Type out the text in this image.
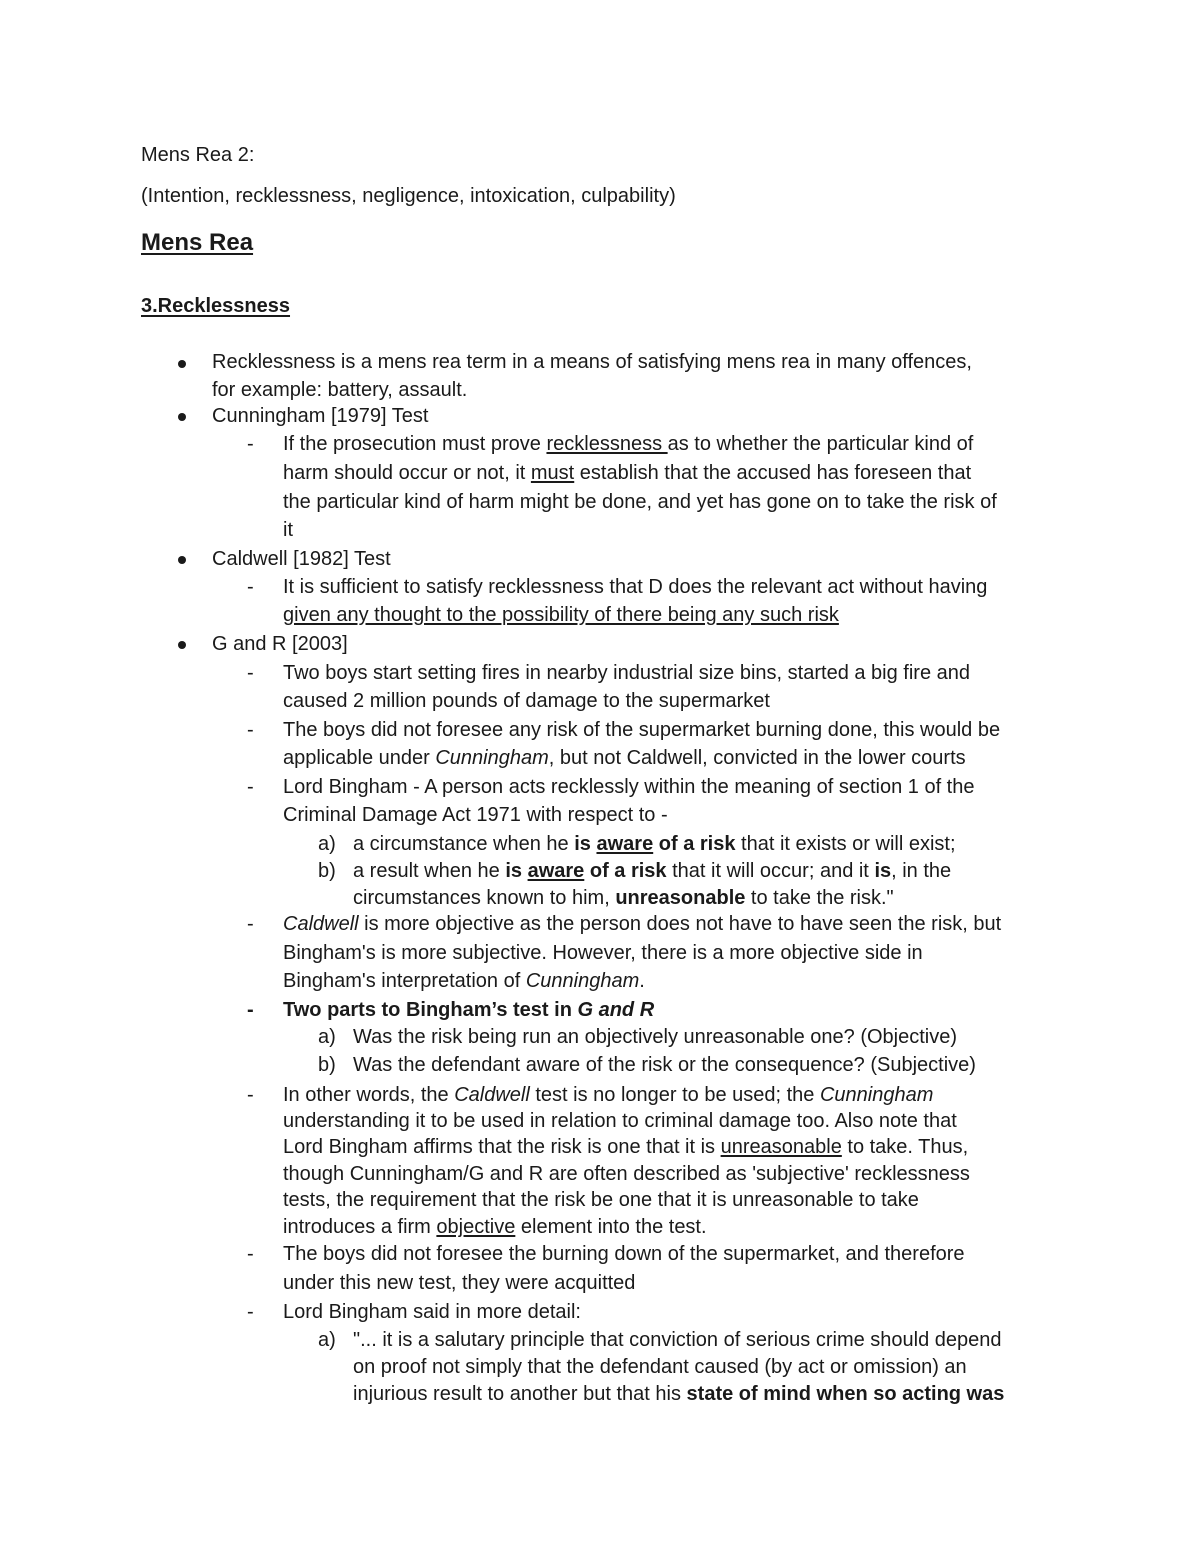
Mens Rea 2:
(Intention, recklessness, negligence, intoxication, culpability)
Mens Rea
3.Recklessness
Recklessness is a mens rea term in a means of satisfying mens rea in many offences,
for example: battery, assault.
Cunningham [1979] Test
- If the prosecution must prove recklessness as to whether the particular kind of
harm should occur or not, it must establish that the accused has foreseen that
the particular kind of harm might be done, and yet has gone on to take the risk of
it
Caldwell [1982] Test
- It is sufficient to satisfy recklessness that D does the relevant act without having
given any thought to the possibility of there being any such risk
G and R [2003]
- Two boys start setting fires in nearby industrial size bins, started a big fire and
caused 2 million pounds of damage to the supermarket
- The boys did not foresee any risk of the supermarket burning done, this would be
applicable under Cunningham, but not Caldwell, convicted in the lower courts
- Lord Bingham - A person acts recklessly within the meaning of section 1 of the
Criminal Damage Act 1971 with respect to -
a) a circumstance when he is aware of a risk that it exists or will exist;
b) a result when he is aware of a risk that it will occur; and it is, in the
circumstances known to him, unreasonable to take the risk."
- Caldwell is more objective as the person does not have to have seen the risk, but
Bingham's is more subjective. However, there is a more objective side in
Bingham's interpretation of Cunningham.
- Two parts to Bingham’s test in G and R
a) Was the risk being run an objectively unreasonable one? (Objective)
b) Was the defendant aware of the risk or the consequence? (Subjective)
- In other words, the Caldwell test is no longer to be used; the Cunningham
understanding it to be used in relation to criminal damage too. Also note that
Lord Bingham affirms that the risk is one that it is unreasonable to take. Thus,
though Cunningham/G and R are often described as 'subjective' recklessness
tests, the requirement that the risk be one that it is unreasonable to take
introduces a firm objective element into the test.
- The boys did not foresee the burning down of the supermarket, and therefore
under this new test, they were acquitted
- Lord Bingham said in more detail:
a) "... it is a salutary principle that conviction of serious crime should depend
on proof not simply that the defendant caused (by act or omission) an
injurious result to another but that his state of mind when so acting was
